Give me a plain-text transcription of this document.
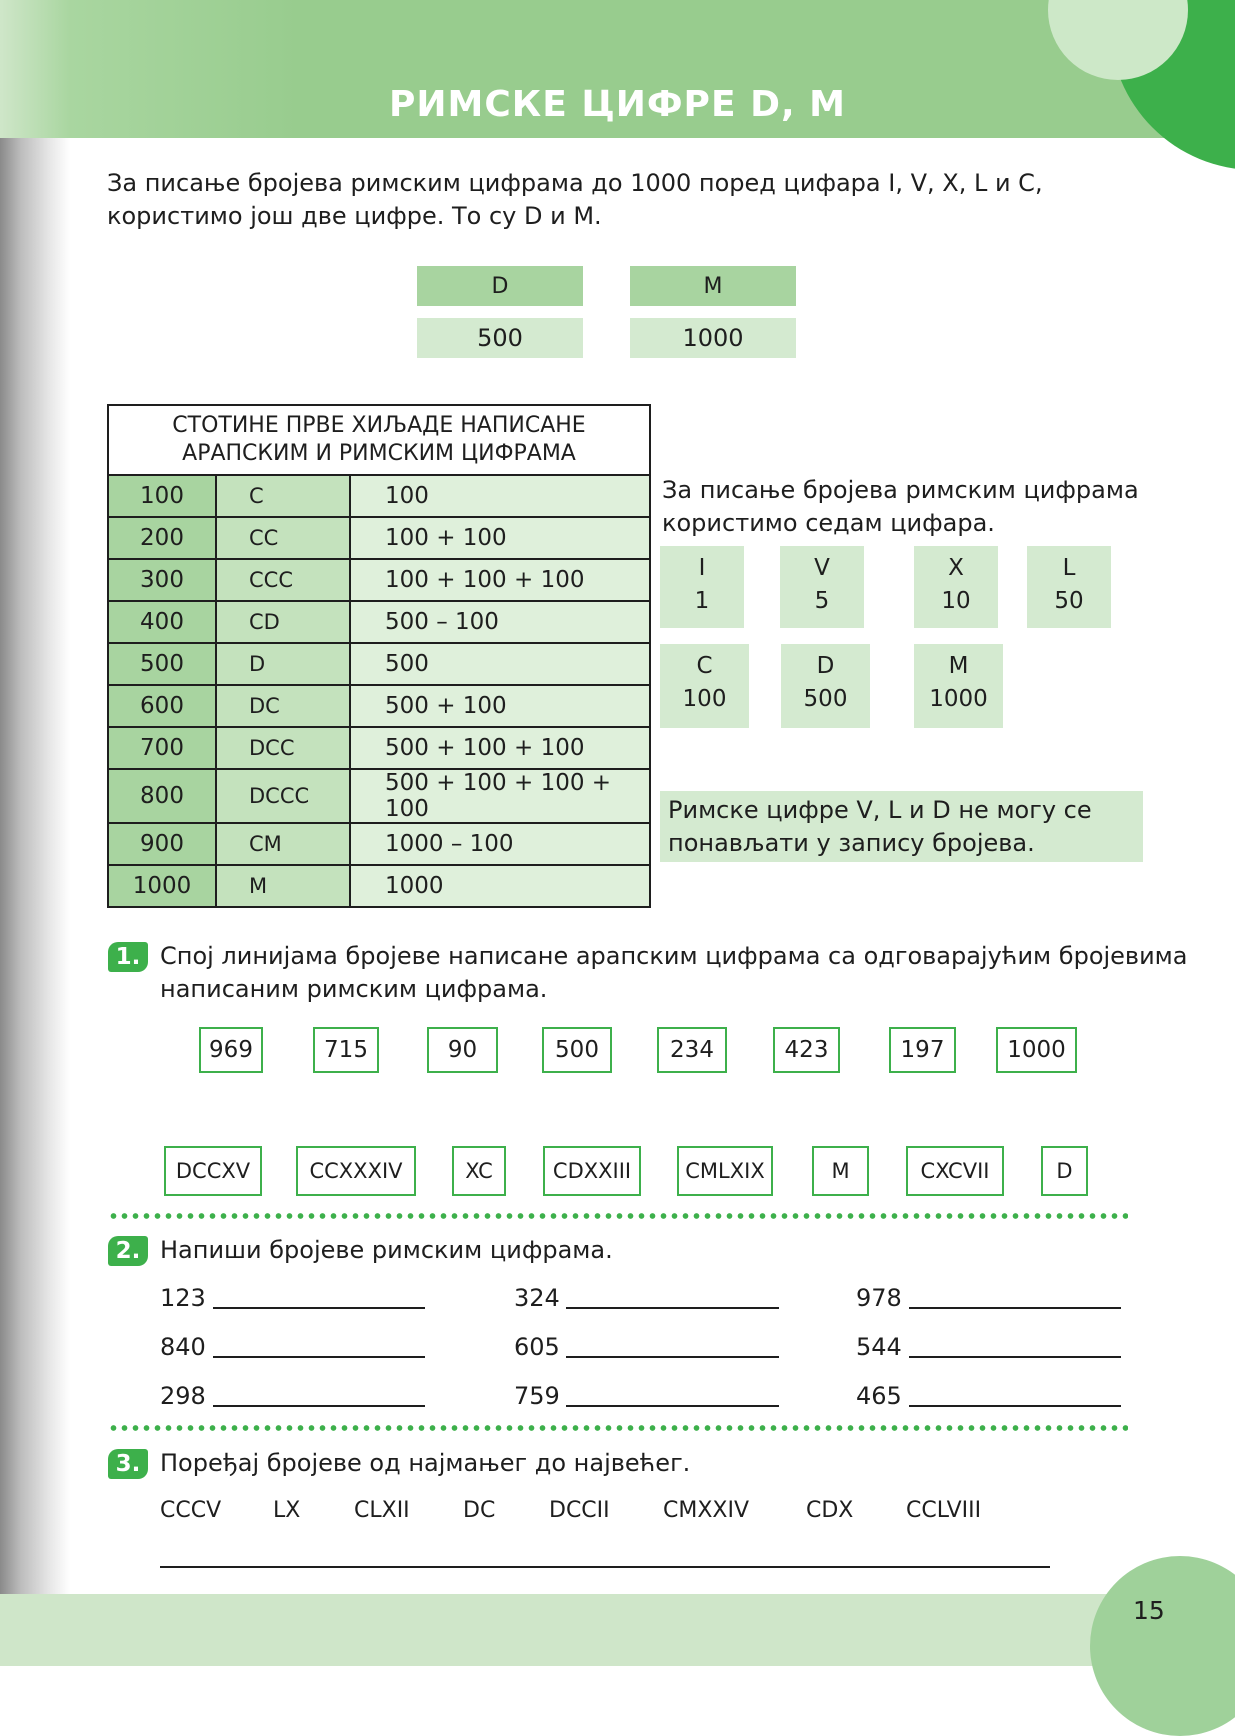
РИМСКЕ ЦИФРЕ D, M
За писање бројева римским цифрама до 1000 поред цифара I, V, X, L и C,
користимо још две цифре. То су D и M.
D
500
M
1000
СТОТИНЕ ПРВЕ ХИЉАДЕ НАПИСАНЕ
АРАПСКИМ И РИМСКИМ ЦИФРАМА		

100	C	100
200	CC	100 + 100
300	CCC	100 + 100 + 100
400	CD	500 – 100
500	D	500
600	DC	500 + 100
700	DCC	500 + 100 + 100
800	DCCC	500 + 100 + 100 + 100
900	CM	1000 – 100
1000	M	1000
За писање бројева римским цифрама
користимо седам цифара.
I
1
V
5
X
10
L
50
C
100
D
500
M
1000
Римске цифре V, L и D не могу се
понављати у запису бројева.
1. Спој линијама бројеве написане арапским цифрама са одговарајућим бројевима
написаним римским цифрама.
969	715	90	500	234	423	197	1000
DCCXV	CCXXXIV	XC	CDXXIII	CMLXIX	M	CXCVII	D
2. Напиши бројеве римским цифрама.
123	324	978
840	605	544
298	759	465
3. Поређај бројеве од најмањег до највећег.
CCCV LX CLXII DC DCCII CMXXIV	CDX CCLVIII
15
